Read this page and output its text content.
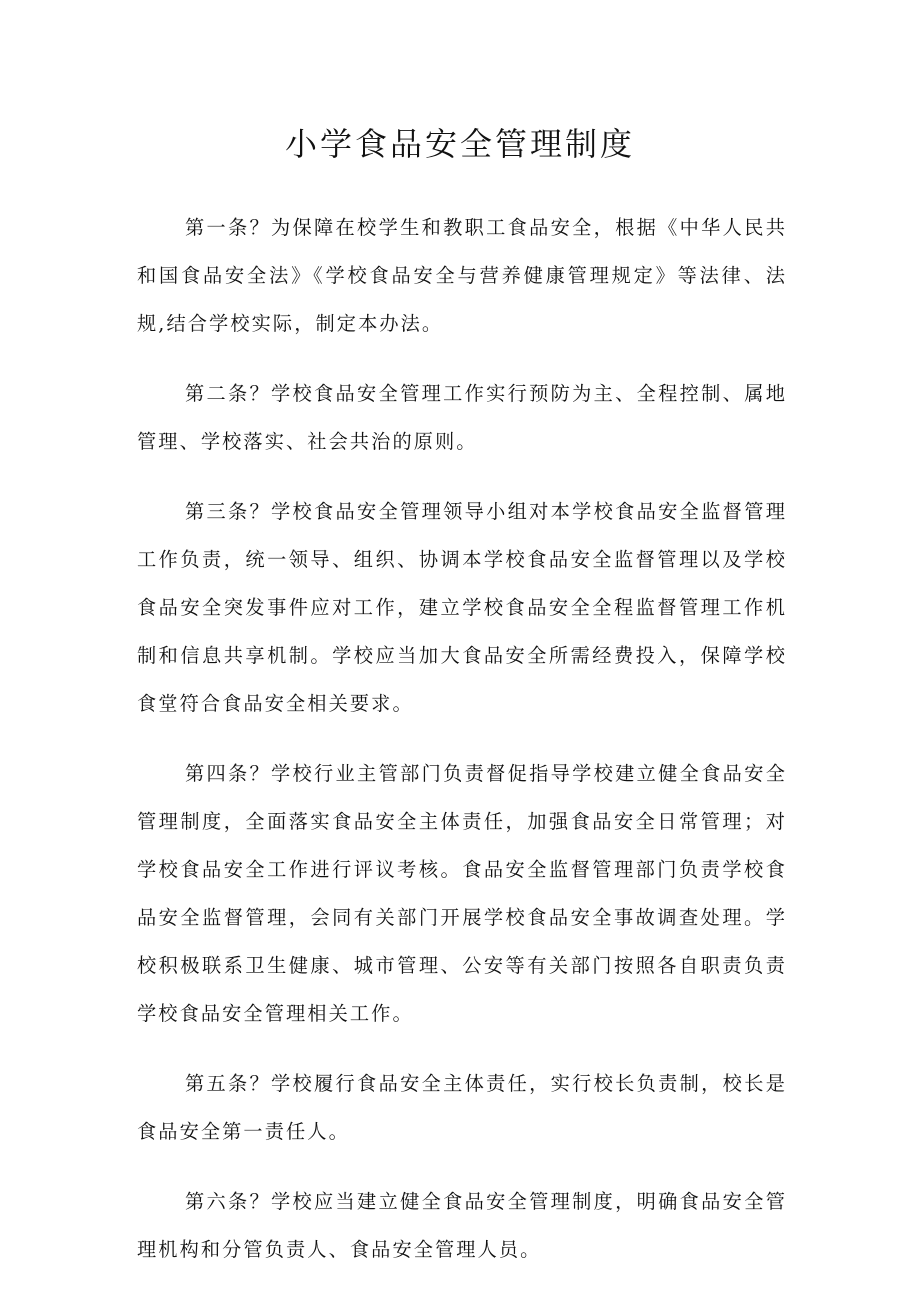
小学食品安全管理制度

第一条？为保障在校学生和教职工食品安全，根据《中华人民共和国食品安全法》《学校食品安全与营养健康管理规定》等法律、法规,结合学校实际，制定本办法。

第二条？学校食品安全管理工作实行预防为主、全程控制、属地管理、学校落实、社会共治的原则。

第三条？学校食品安全管理领导小组对本学校食品安全监督管理工作负责，统一领导、组织、协调本学校食品安全监督管理以及学校食品安全突发事件应对工作，建立学校食品安全全程监督管理工作机制和信息共享机制。学校应当加大食品安全所需经费投入，保障学校食堂符合食品安全相关要求。

第四条？学校行业主管部门负责督促指导学校建立健全食品安全管理制度，全面落实食品安全主体责任，加强食品安全日常管理；对学校食品安全工作进行评议考核。食品安全监督管理部门负责学校食品安全监督管理，会同有关部门开展学校食品安全事故调查处理。学校积极联系卫生健康、城市管理、公安等有关部门按照各自职责负责学校食品安全管理相关工作。

第五条？学校履行食品安全主体责任，实行校长负责制，校长是食品安全第一责任人。

第六条？学校应当建立健全食品安全管理制度，明确食品安全管理机构和分管负责人、食品安全管理人员。
